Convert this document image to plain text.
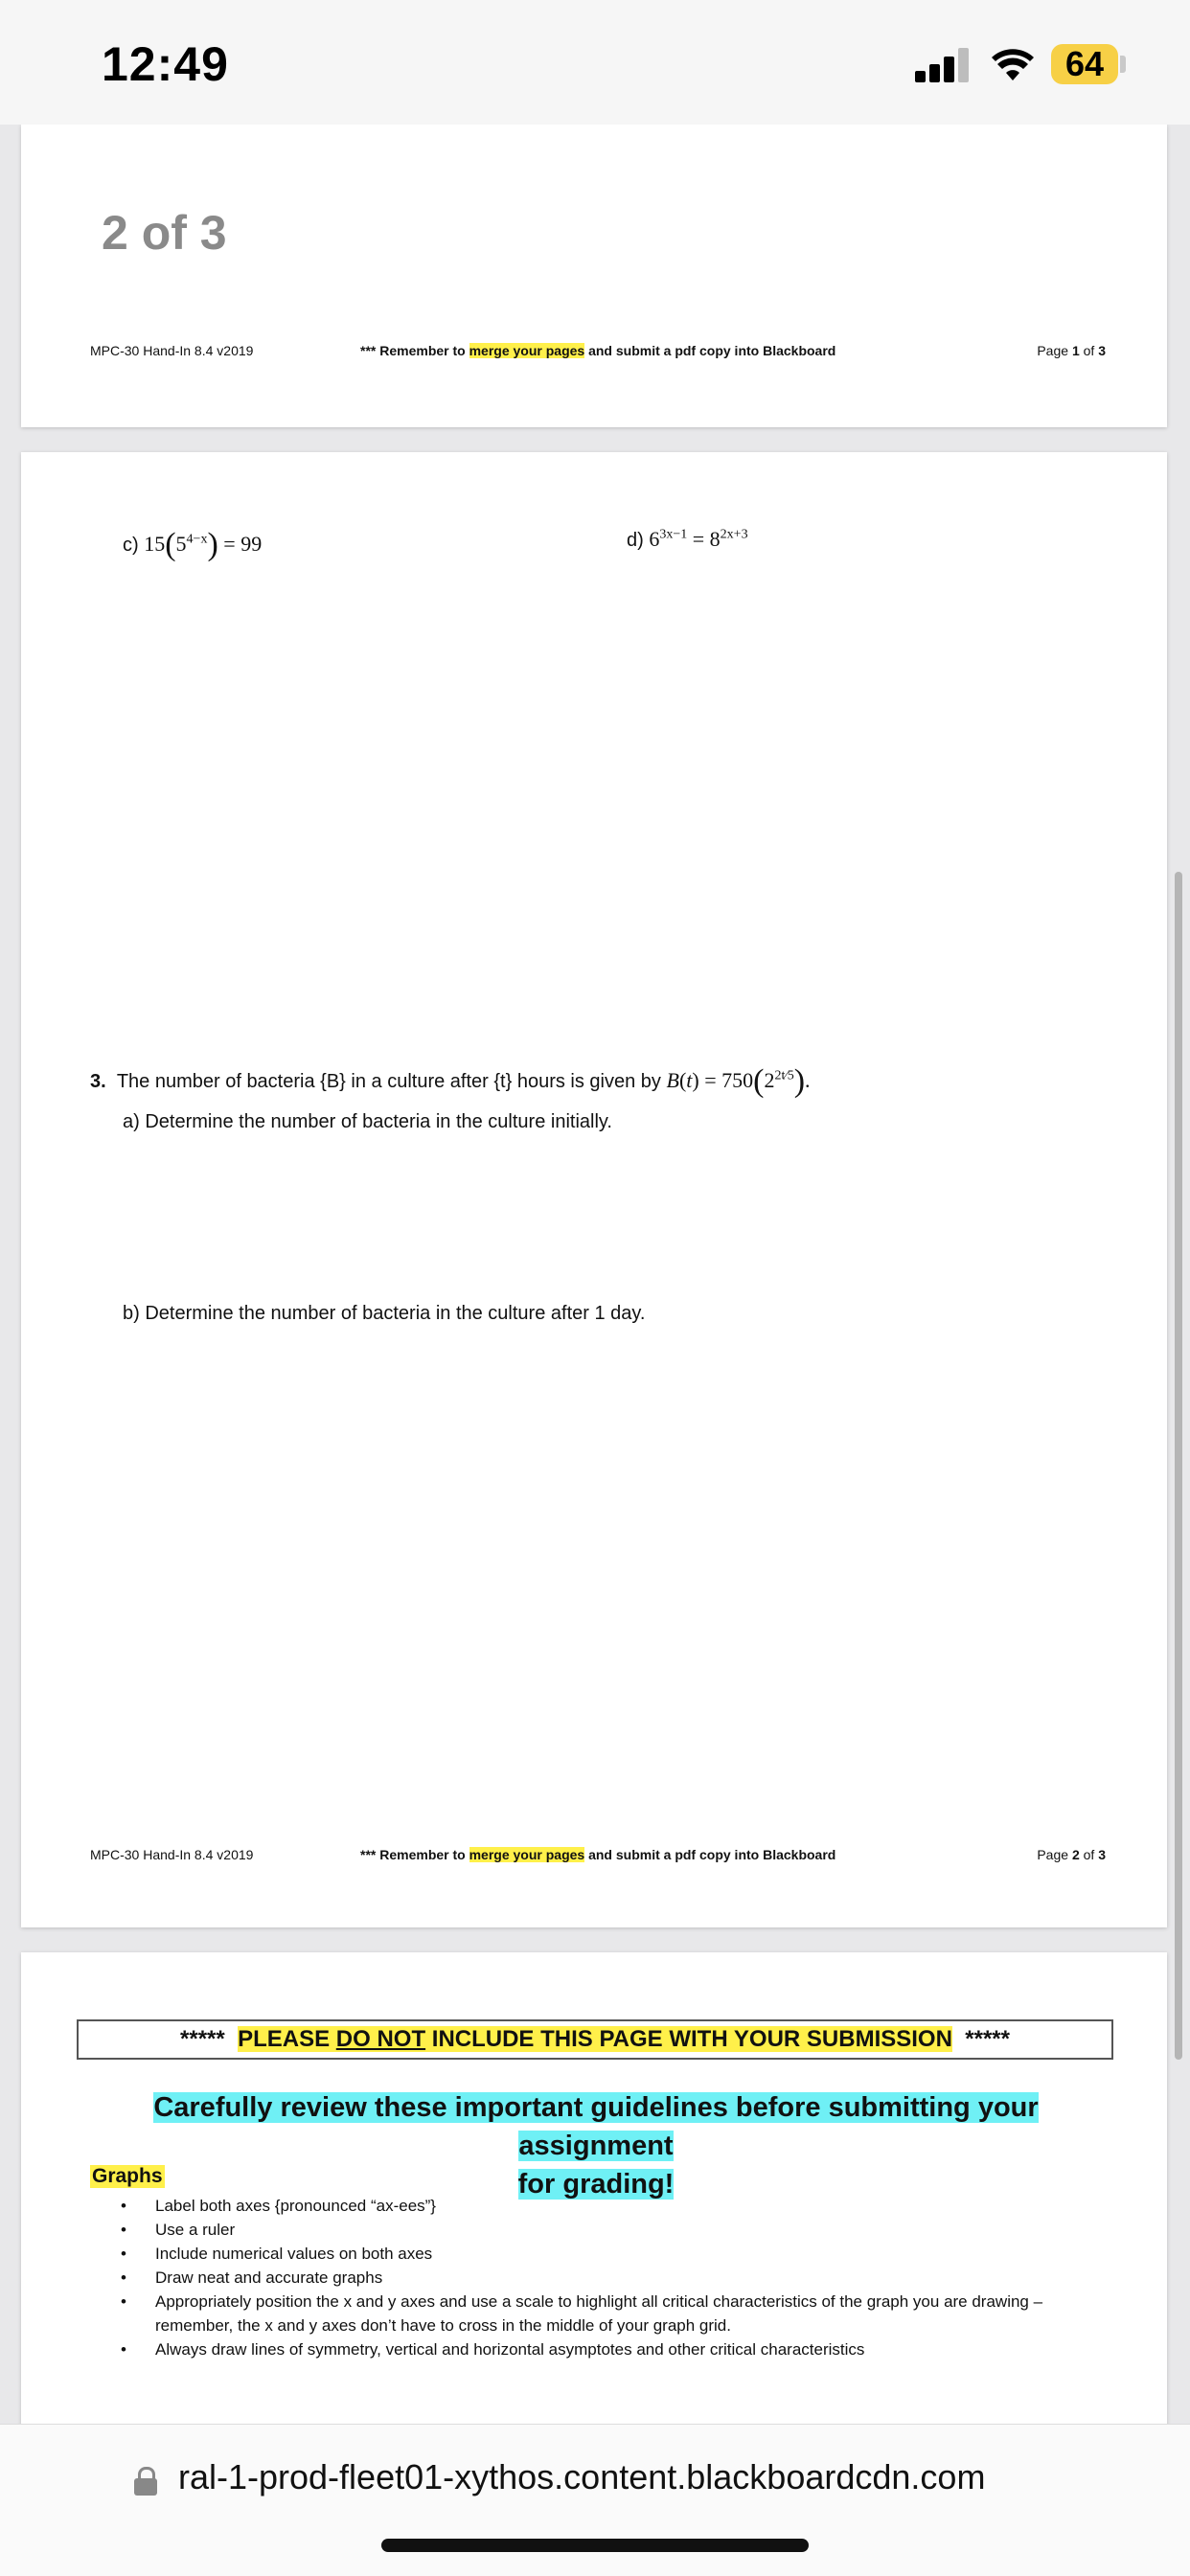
12:49	64
2 of 3
MPC-30 Hand-In 8.4 v2019	*** Remember to merge your pages and submit a pdf copy into Blackboard	Page 1 of 3
c) $15(5^{4-x}) = 99$	d) $6^{3x-1} = 8^{2x+3}$
3. The number of bacteria {B} in a culture after {t} hours is given by $B(t) = 750(2^{2t⁄5})$.
a) Determine the number of bacteria in the culture initially.
b) Determine the number of bacteria in the culture after 1 day.
MPC-30 Hand-In 8.4 v2019	*** Remember to merge your pages and submit a pdf copy into Blackboard	Page 2 of 3
***** PLEASE DO NOT INCLUDE THIS PAGE WITH YOUR SUBMISSION *****
Carefully review these important guidelines before submitting your assignment
for grading!
Graphs
• Label both axes {pronounced “ax-ees”}
• Use a ruler
• Include numerical values on both axes
• Draw neat and accurate graphs
• Appropriately position the x and y axes and use a scale to highlight all critical characteristics of the graph you are drawing – remember, the x and y axes don’t have to cross in the middle of your graph grid.
• Always draw lines of symmetry, vertical and horizontal asymptotes and other critical characteristics
ral-1-prod-fleet01-xythos.content.blackboardcdn.com
